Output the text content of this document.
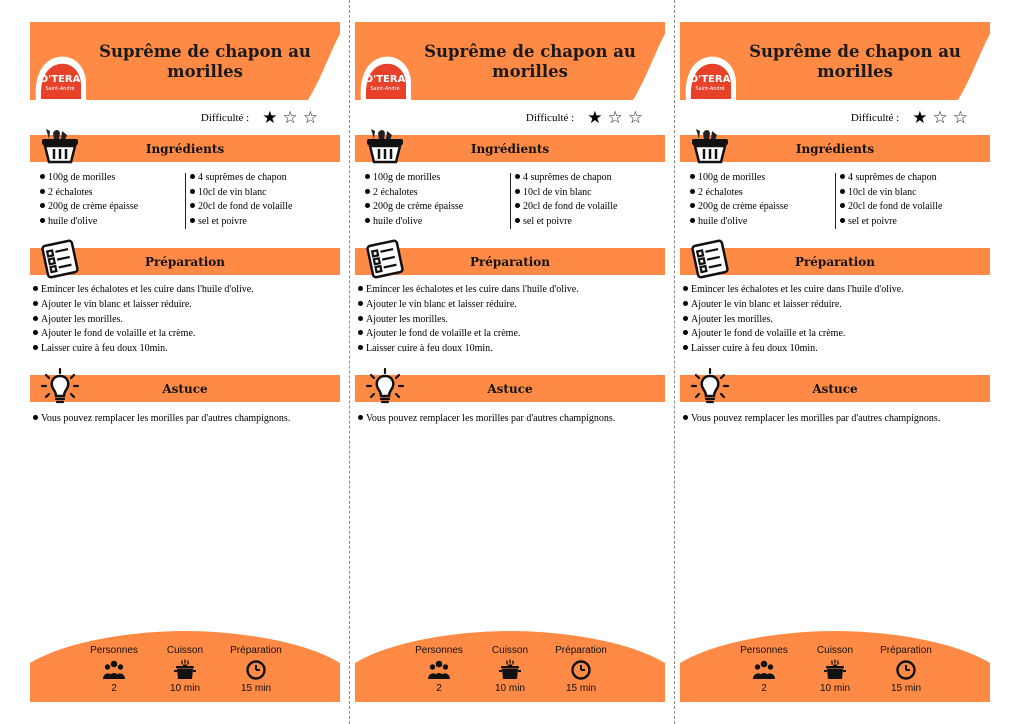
Suprême de chapon au morilles
O'TERA
Saint-André
Difficulté : ★ ☆ ☆
Ingrédients
100g de morilles
2 échalotes
200g de crème épaisse
huile d'olive
4 suprêmes de chapon
10cl de vin blanc
20cl de fond de volaille
sel et poivre
Préparation
Emincer les échalotes et les cuire dans l'huile d'olive.
Ajouter le vin blanc et laisser réduire.
Ajouter les morilles.
Ajouter le fond de volaille et la crème.
Laisser cuire à feu doux 10min.
Astuce
Vous pouvez remplacer les morilles par d'autres champignons.
Personnes
2
Cuisson
10 min
Préparation
15 min
Suprême de chapon au morilles
O'TERA
Saint-André
Difficulté : ★ ☆ ☆
Ingrédients
100g de morilles
2 échalotes
200g de crème épaisse
huile d'olive
4 suprêmes de chapon
10cl de vin blanc
20cl de fond de volaille
sel et poivre
Préparation
Emincer les échalotes et les cuire dans l'huile d'olive.
Ajouter le vin blanc et laisser réduire.
Ajouter les morilles.
Ajouter le fond de volaille et la crème.
Laisser cuire à feu doux 10min.
Astuce
Vous pouvez remplacer les morilles par d'autres champignons.
Personnes
2
Cuisson
10 min
Préparation
15 min
Suprême de chapon au morilles
O'TERA
Saint-André
Difficulté : ★ ☆ ☆
Ingrédients
100g de morilles
2 échalotes
200g de crème épaisse
huile d'olive
4 suprêmes de chapon
10cl de vin blanc
20cl de fond de volaille
sel et poivre
Préparation
Emincer les échalotes et les cuire dans l'huile d'olive.
Ajouter le vin blanc et laisser réduire.
Ajouter les morilles.
Ajouter le fond de volaille et la crème.
Laisser cuire à feu doux 10min.
Astuce
Vous pouvez remplacer les morilles par d'autres champignons.
Personnes
2
Cuisson
10 min
Préparation
15 min
